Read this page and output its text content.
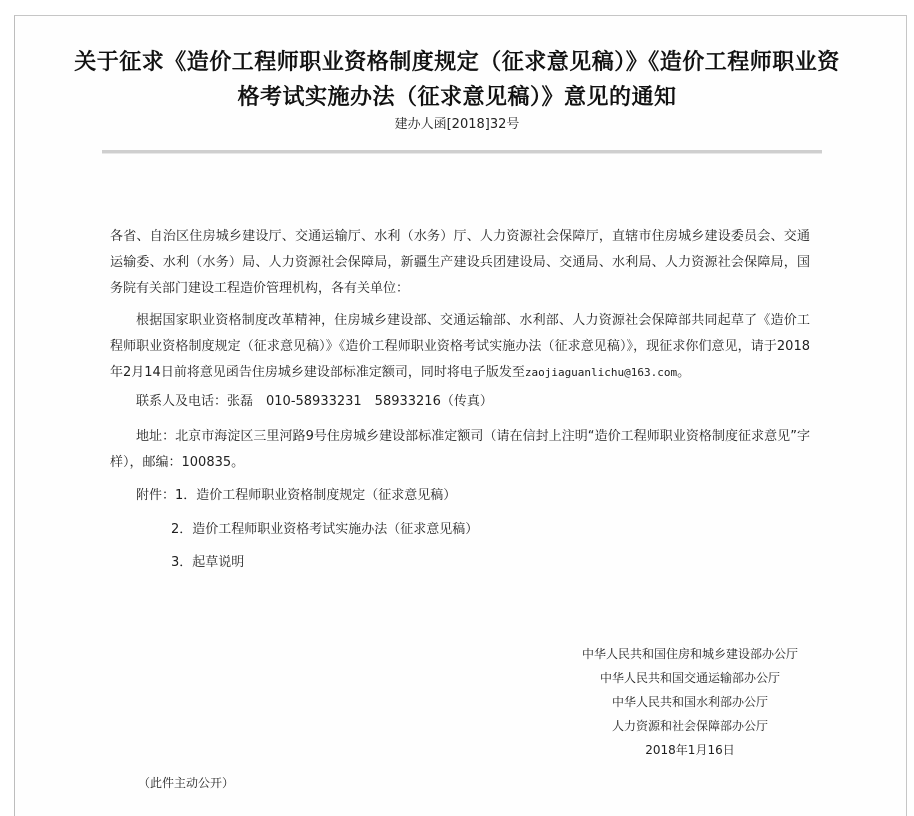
关于征求《造价工程师职业资格制度规定（征求意见稿）》《造价工程师职业资
格考试实施办法（征求意见稿）》意见的通知
建办人函[2018]32号
各省、自治区住房城乡建设厅、交通运输厅、水利（水务）厅、人力资源社会保障厅，直辖市住房城乡建设委员会、交通运输委、水利（水务）局、人力资源社会保障局，新疆生产建设兵团建设局、交通局、水利局、人力资源社会保障局，国务院有关部门建设工程造价管理机构，各有关单位：
根据国家职业资格制度改革精神，住房城乡建设部、交通运输部、水利部、人力资源社会保障部共同起草了《造价工程师职业资格制度规定（征求意见稿）》《造价工程师职业资格考试实施办法（征求意见稿）》，现征求你们意见，请于2018年2月14日前将意见函告住房城乡建设部标准定额司，同时将电子版发至zaojiaguanlichu@163.com。
联系人及电话：张磊　010-58933231　58933216（传真）
地址：北京市海淀区三里河路9号住房城乡建设部标准定额司（请在信封上注明“造价工程师职业资格制度征求意见”字样），邮编：100835。
附件：1．造价工程师职业资格制度规定（征求意见稿）
2．造价工程师职业资格考试实施办法（征求意见稿）
3．起草说明
中华人民共和国住房和城乡建设部办公厅
中华人民共和国交通运输部办公厅
中华人民共和国水利部办公厅
人力资源和社会保障部办公厅
2018年1月16日
（此件主动公开）
